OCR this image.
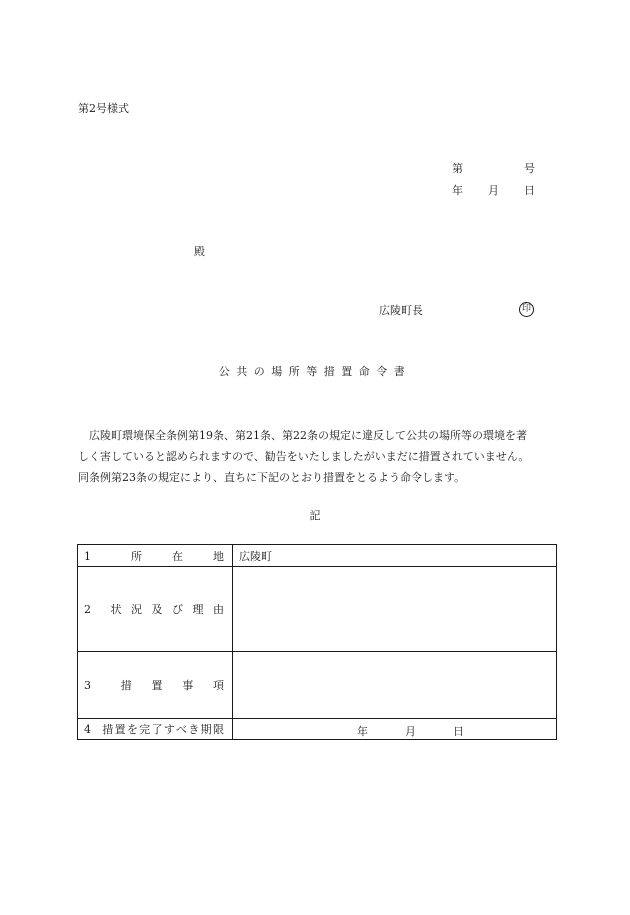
第2号様式
第	号
年 月 日
殿
広陵町長	印
公共の場所等措置命令書
　広陵町環境保全条例第19条、第21条、第22条の規定に違反して公共の場所等の環境を著
しく害していると認められますので、勧告をいたしましたがいまだに措置されていません。
同条例第23条の規定により、直ちに下記のとおり措置をとるよう命令します。
記
1 所在地	広陵町
2 状況及び理由	
3 措置事項	
4 措置を完了すべき期限	年 月 日
